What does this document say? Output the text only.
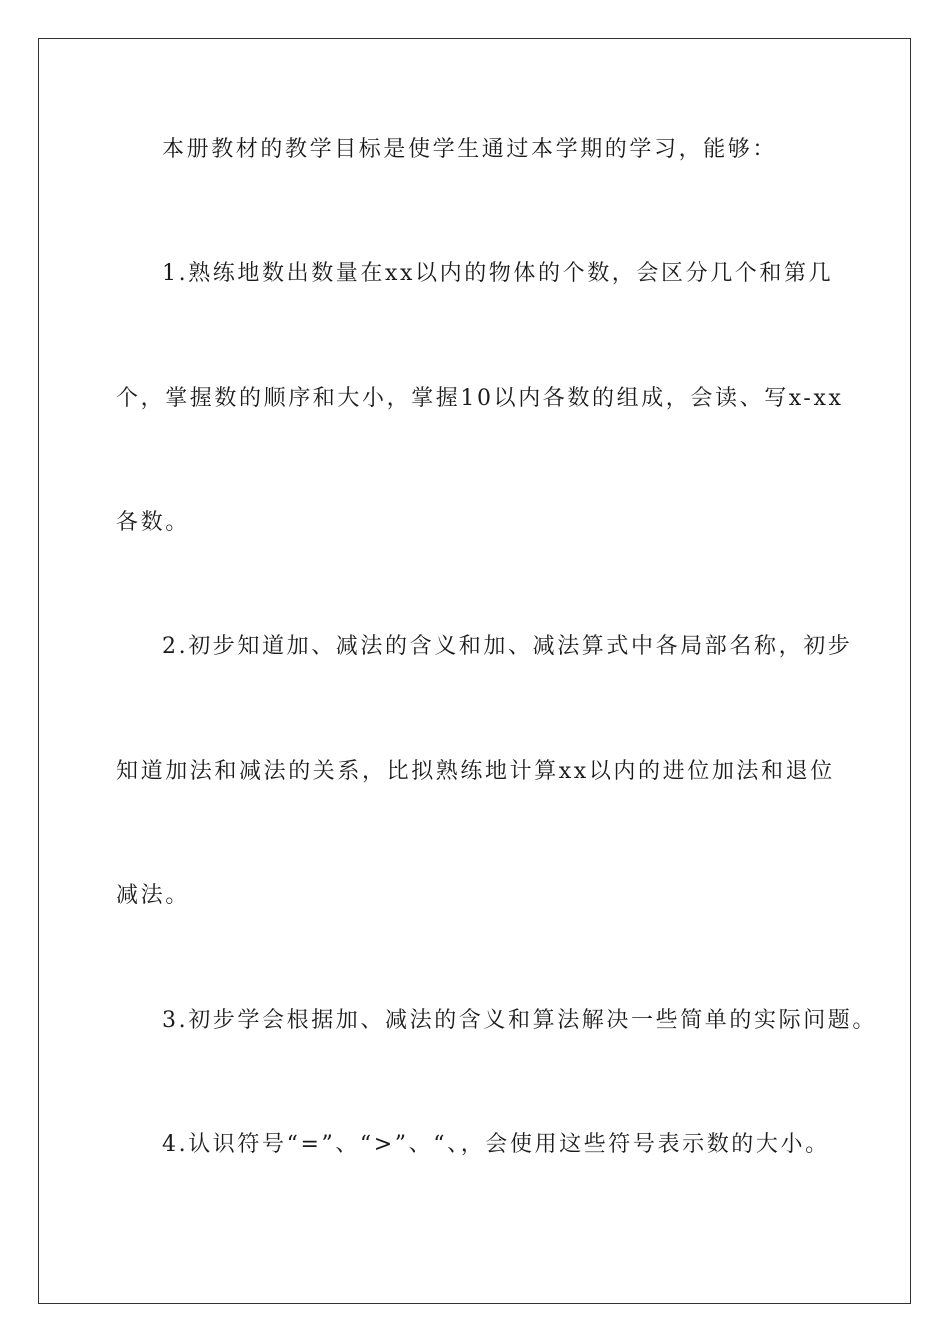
本册教材的教学目标是使学生通过本学期的学习，能够：
1.熟练地数出数量在xx以内的物体的个数，会区分几个和第几
个，掌握数的顺序和大小，掌握10以内各数的组成，会读、写x-xx
各数。
2.初步知道加、减法的含义和加、减法算式中各局部名称，初步
知道加法和减法的关系，比拟熟练地计算xx以内的进位加法和退位
减法。
3.初步学会根据加、减法的含义和算法解决一些简单的实际问题。
4.认识符号“=”、“>”、“、，会使用这些符号表示数的大小。
